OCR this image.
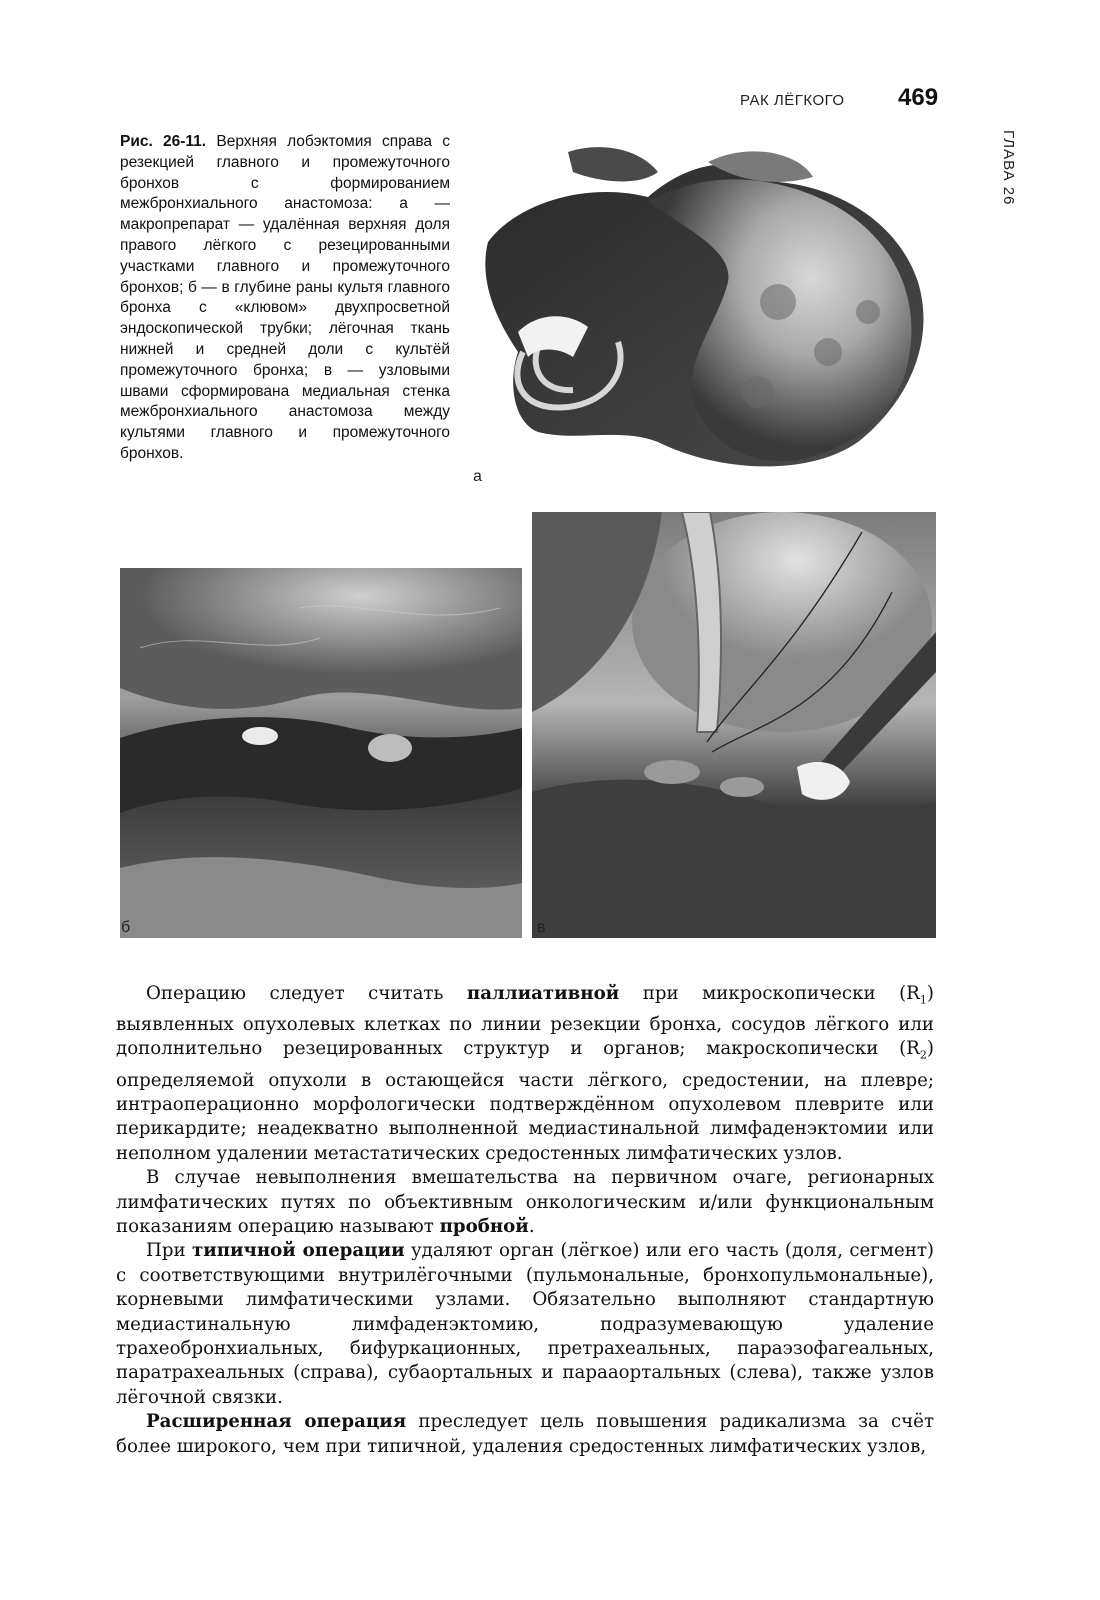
РАК ЛЁГКОГО 469
ГЛАВА 26
Рис. 26-11. Верхняя лобэктомия справа с резекцией главного и промежуточного бронхов с формированием межбронхиального анастомоза: а — макропрепарат — удалённая верхняя доля правого лёгкого с резецированными участками главного и промежуточного бронхов; б — в глубине раны культя главного бронха с «клювом» двухпросветной эндоскопической трубки; лёгочная ткань нижней и средней доли с культёй промежуточного бронха; в — узловыми швами сформирована медиальная стенка межбронхиального анастомоза между культями главного и промежуточного бронхов.
а
б	в

Операцию следует считать паллиативной при микроскопически $(R_1)$ выявленных опухолевых клетках по линии резекции бронха, сосудов лёгкого или дополнительно резецированных структур и органов; макроскопически $(R_2)$ определяемой опухоли в остающейся части лёгкого, средостении, на плевре; интраоперационно морфологически подтверждённом опухолевом плеврите или перикардите; неадекватно выполненной медиастинальной лимфаденэктомии или неполном удалении метастатических средостенных лимфатических узлов.

В случае невыполнения вмешательства на первичном очаге, регионарных лимфатических путях по объективным онкологическим и/или функциональным показаниям операцию называют пробной.

При типичной операции удаляют орган (лёгкое) или его часть (доля, сегмент) с соответствующими внутрилёгочными (пульмональные, бронхопульмональные), корневыми лимфатическими узлами. Обязательно выполняют стандартную медиастинальную лимфаденэктомию, подразумевающую удаление трахеобронхиальных, бифуркационных, претрахеальных, параэзофагеальных, паратрахеальных (справа), субаортальных и парааортальных (слева), также узлов лёгочной связки.

Расширенная операция преследует цель повышения радикализма за счёт более широкого, чем при типичной, удаления средостенных лимфатических узлов,
